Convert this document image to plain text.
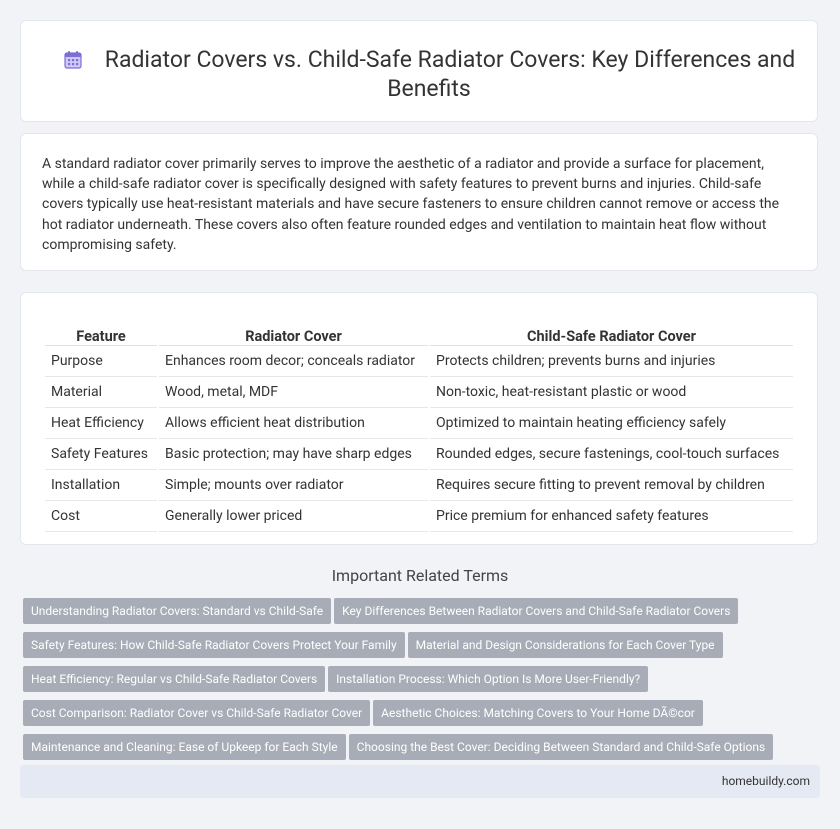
Radiator Covers vs. Child-Safe Radiator Covers: Key Differences and Benefits

A standard radiator cover primarily serves to improve the aesthetic of a radiator and provide a surface for placement, while a child-safe radiator cover is specifically designed with safety features to prevent burns and injuries. Child-safe covers typically use heat-resistant materials and have secure fasteners to ensure children cannot remove or access the hot radiator underneath. These covers also often feature rounded edges and ventilation to maintain heat flow without compromising safety.

Feature	Radiator Cover	Child-Safe Radiator Cover
Purpose	Enhances room decor; conceals radiator	Protects children; prevents burns and injuries
Material	Wood, metal, MDF	Non-toxic, heat-resistant plastic or wood
Heat Efficiency	Allows efficient heat distribution	Optimized to maintain heating efficiency safely
Safety Features	Basic protection; may have sharp edges	Rounded edges, secure fastenings, cool-touch surfaces
Installation	Simple; mounts over radiator	Requires secure fitting to prevent removal by children
Cost	Generally lower priced	Price premium for enhanced safety features
Important Related Terms
Understanding Radiator Covers: Standard vs Child-Safe Key Differences Between Radiator Covers and Child-Safe Radiator Covers
Safety Features: How Child-Safe Radiator Covers Protect Your Family Material and Design Considerations for Each Cover Type
Heat Efficiency: Regular vs Child-Safe Radiator Covers Installation Process: Which Option Is More User-Friendly?
Cost Comparison: Radiator Cover vs Child-Safe Radiator Cover Aesthetic Choices: Matching Covers to Your Home DÃ©cor
Maintenance and Cleaning: Ease of Upkeep for Each Style Choosing the Best Cover: Deciding Between Standard and Child-Safe Options
homebuildy.com
